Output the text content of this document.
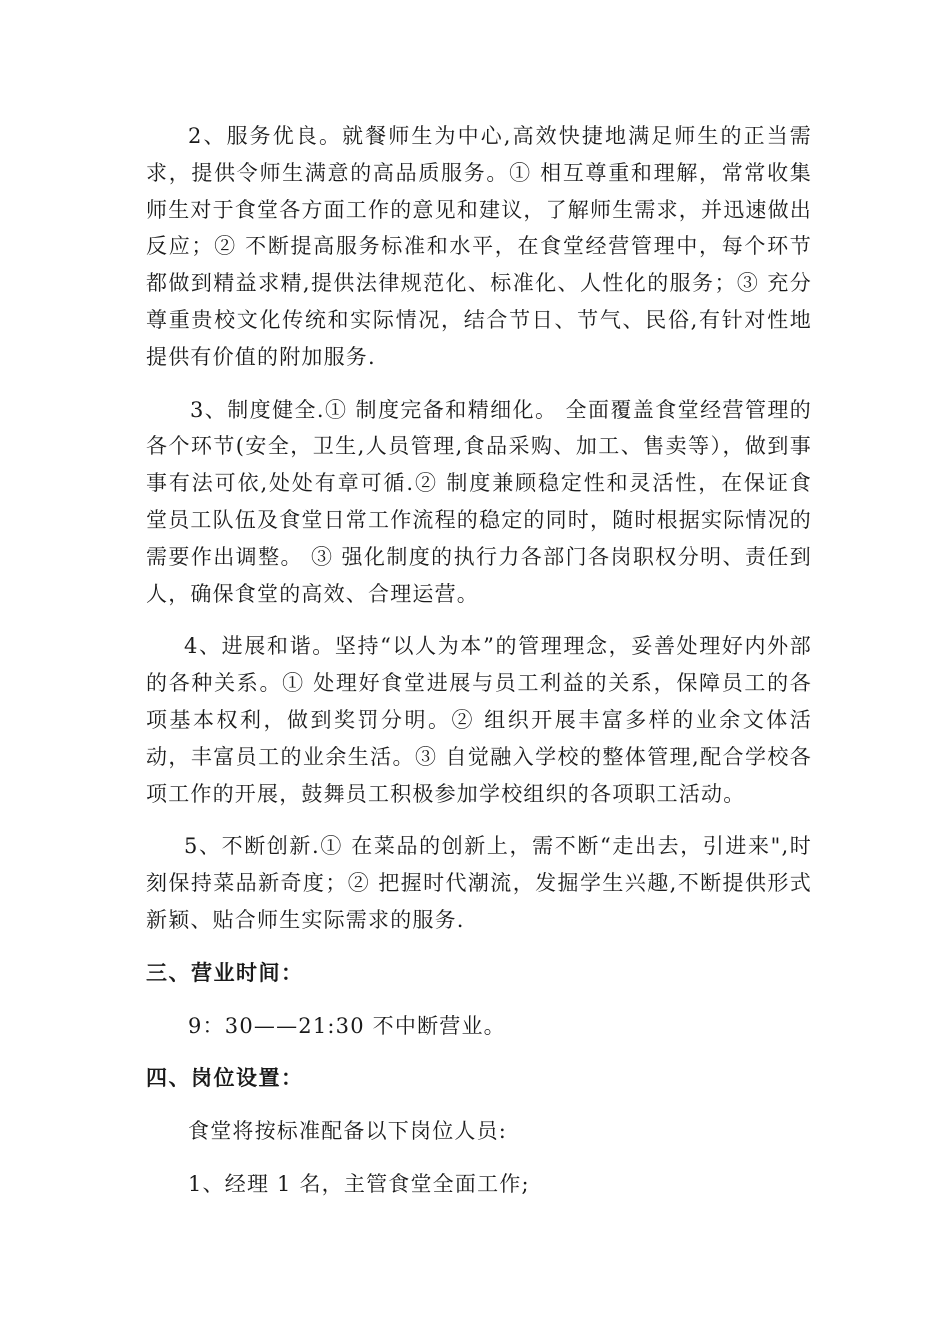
2、服务优良。就餐师生为中心,高效快捷地满足师生的正当需求，提供令师生满意的高品质服务。① 相互尊重和理解，常常收集师生对于食堂各方面工作的意见和建议，了解师生需求，并迅速做出反应；② 不断提高服务标准和水平，在食堂经营管理中，每个环节都做到精益求精,提供法律规范化、标准化、人性化的服务；③ 充分尊重贵校文化传统和实际情况，结合节日、节气、民俗,有针对性地提供有价值的附加服务.

3、制度健全.① 制度完备和精细化。 全面覆盖食堂经营管理的各个环节(安全，卫生,人员管理,食品采购、加工、售卖等），做到事事有法可依,处处有章可循.② 制度兼顾稳定性和灵活性，在保证食堂员工队伍及食堂日常工作流程的稳定的同时，随时根据实际情况的需要作出调整。 ③ 强化制度的执行力各部门各岗职权分明、责任到人，确保食堂的高效、合理运营。

4、进展和谐。坚持“以人为本”的管理理念，妥善处理好内外部的各种关系。① 处理好食堂进展与员工利益的关系，保障员工的各项基本权利，做到奖罚分明。② 组织开展丰富多样的业余文体活动，丰富员工的业余生活。③ 自觉融入学校的整体管理,配合学校各项工作的开展，鼓舞员工积极参加学校组织的各项职工活动。

5、不断创新.① 在菜品的创新上，需不断“走出去，引进来",时刻保持菜品新奇度；② 把握时代潮流，发掘学生兴趣,不断提供形式新颖、贴合师生实际需求的服务.

三、营业时间：
9：30——21:30 不中断营业。
四、岗位设置：
食堂将按标准配备以下岗位人员:
1、经理 1 名，主管食堂全面工作;
